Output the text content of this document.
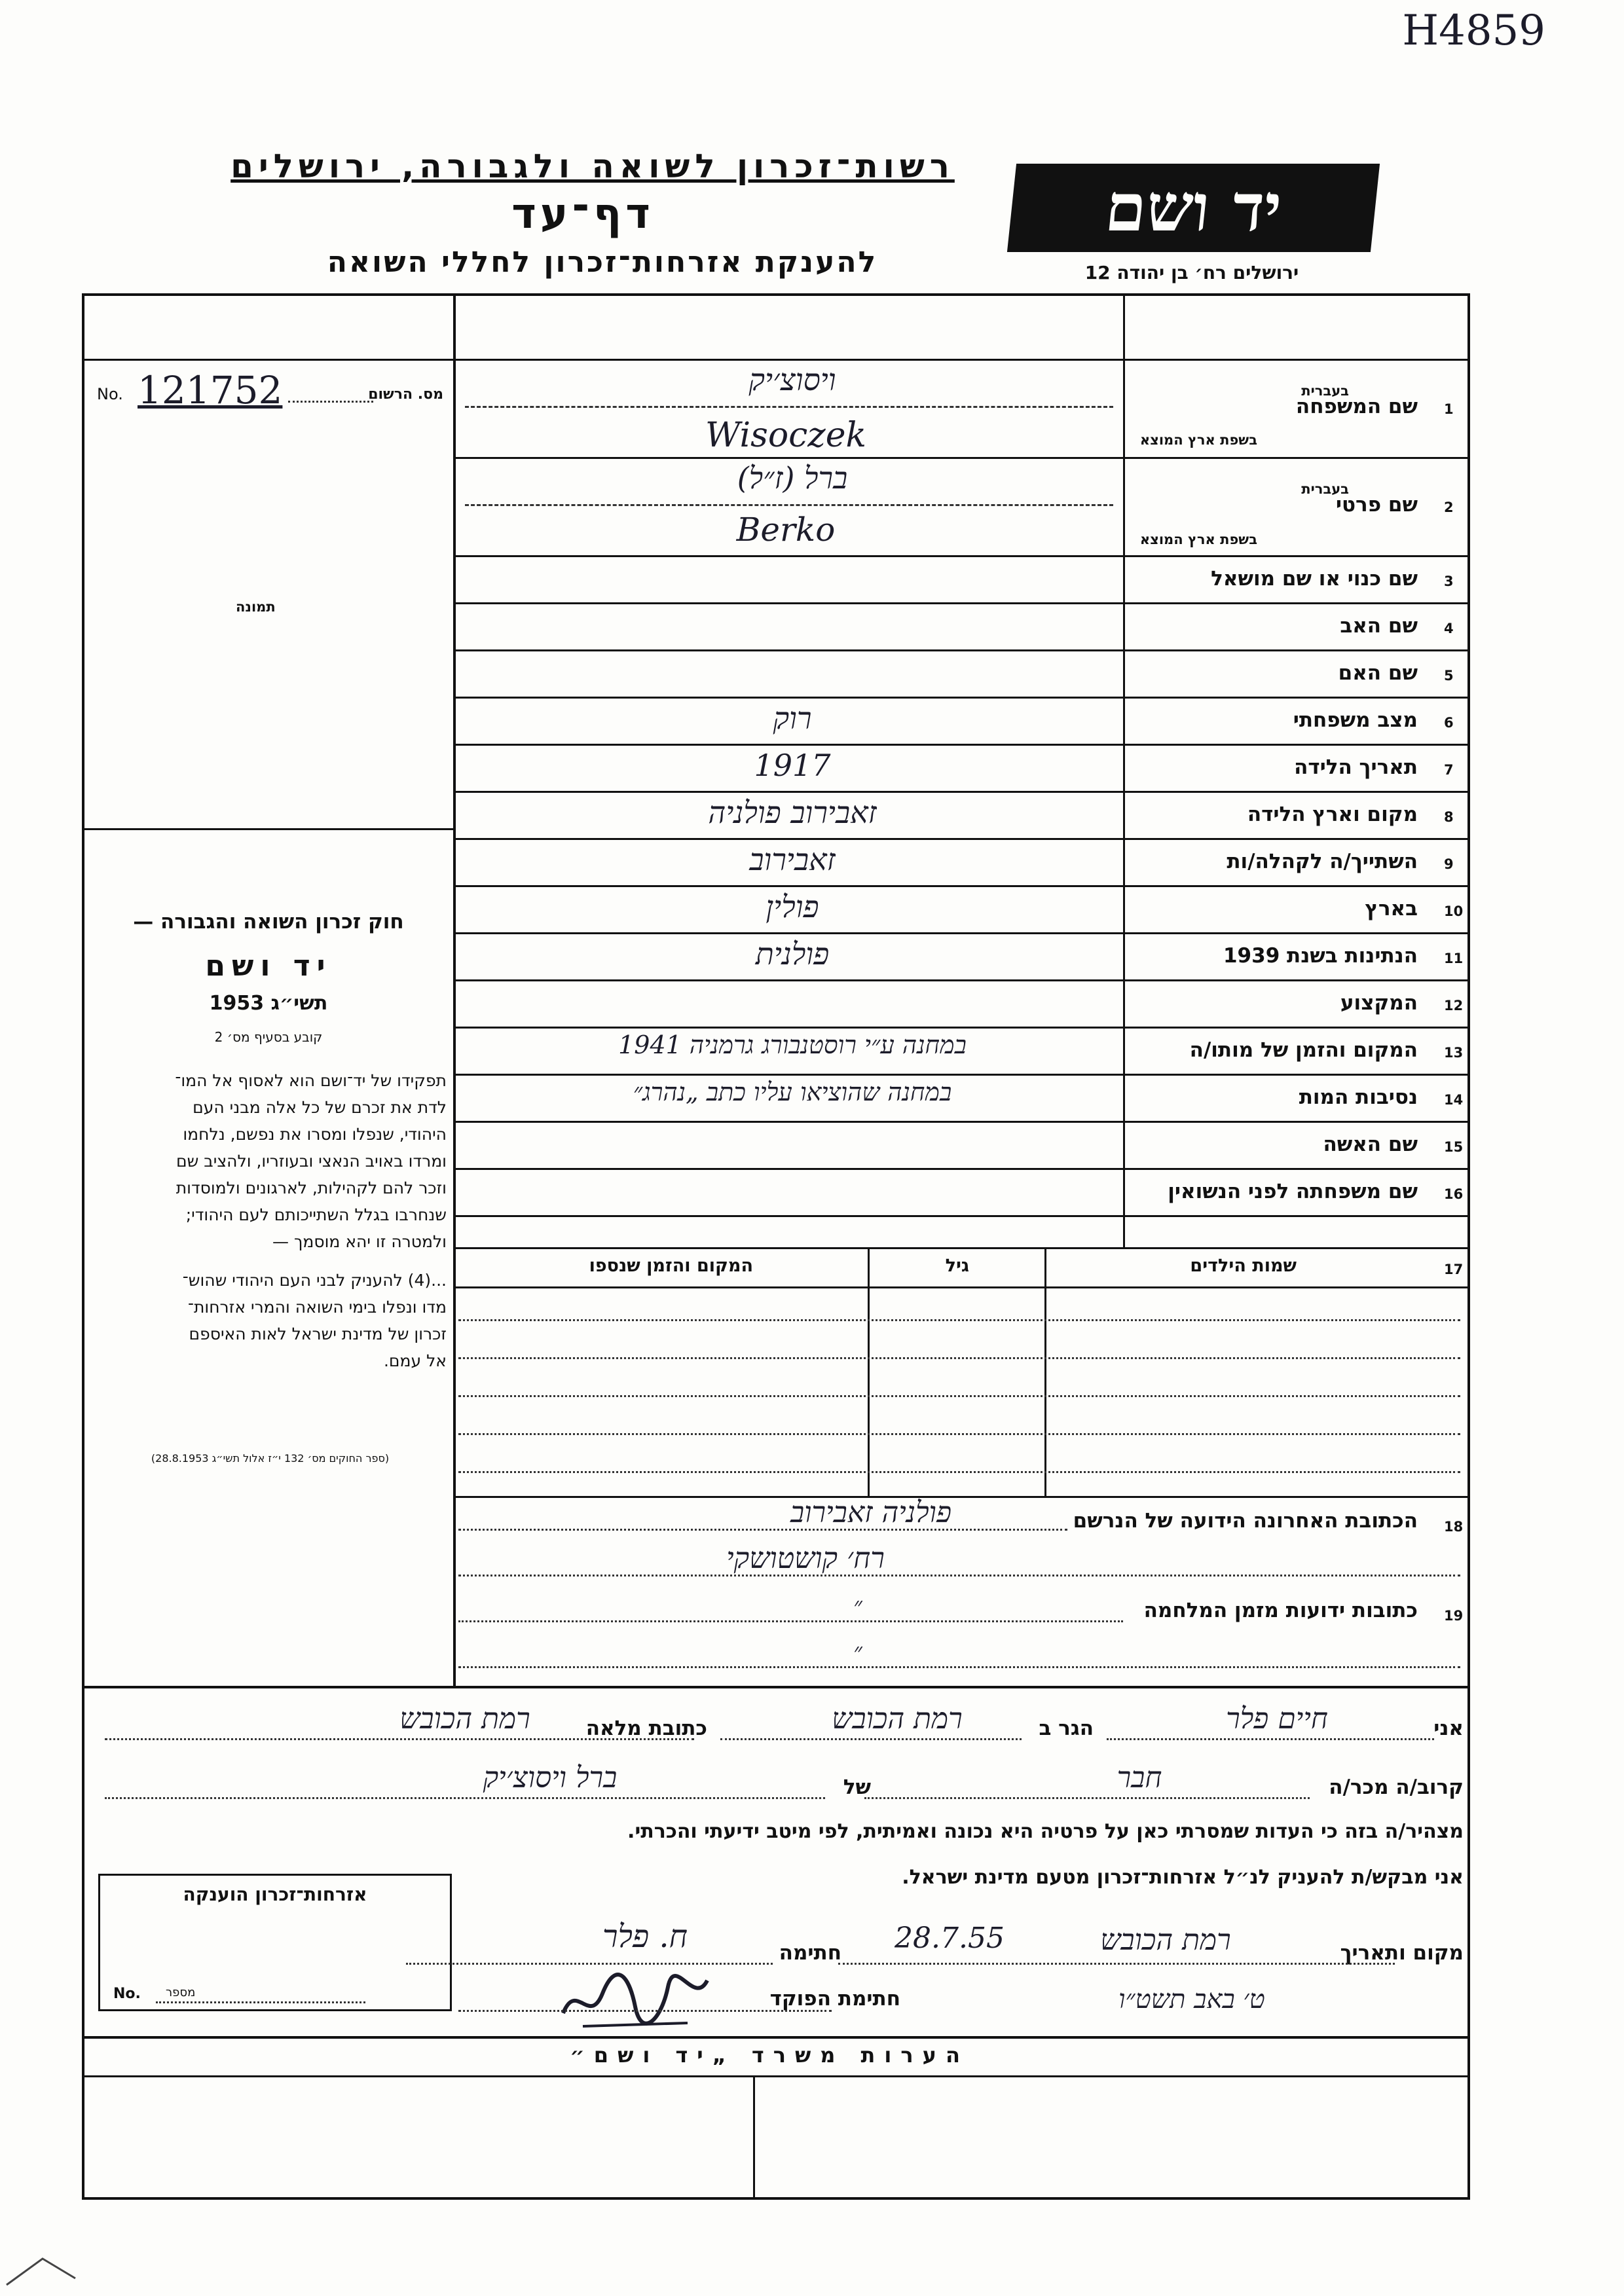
H4859
רשות־זכרון לשואה ולגבורה, ירושלים
דף־עד
להענקת אזרחות־זכרון לחללי השואה
יד ושם
ירושלים רח׳ בן יהודה 12
No. 121752	מס. הרשום
תמונה
חוק זכרון השואה והגבורה —
יד ושם
תשי״ג 1953
קובע בסעיף מס׳ 2
תפקידו של יד־ושם הוא לאסוף אל המו־
לדת את זכרם של כל אלה מבני העם
היהודי, שנפלו ומסרו את נפשם, נלחמו
ומרדו באויב הנאצי ובעוזריו, ולהציב שם
וזכר להם לקהילות, לארגונים ולמוסדות
שנחרבו בגלל השתייכותם לעם היהודי;
ולמטרה זו יהא מוסמך —
...(4) להעניק לבני העם היהודי שהוש־
מדו ונפלו בימי השואה והמרי אזרחות־
זכרון של מדינת ישראל לאות האיספם
אל עמם.
(ספר החוקים מס׳ 132 י״ז אלול תשי״ג 28.8.1953)
1
שם המשפחה
ויסוצ׳יק
2
שם פרטי
ברל (ז״ל)
3
שם כנוי או שם מושאל
4
שם האב
5
שם האם
6
מצב משפחתי
רוק
7
תאריך הלידה
1917
8
מקום וארץ הלידה
זאבירוב פולניה
9
השתייך/ה לקהלה/ות
זאבירוב
10
בארץ
פולין
11
הנתינות בשנת 1939
פולנית
12
המקצוע
13
המקום והזמן של מותו/ה
במחנה ע״י רוסטנבורג גרמניה 1941
14
נסיבות המות
במחנה שהוציאו עליו כתב „נהרג״
15
שם האשה
16
שם משפחתה לפני הנשואין
בעברית
בשפת ארץ המוצא
בעברית
בשפת ארץ המוצא
Wisoczek
Berko
17
שמות הילדים
גיל
המקום והזמן שנספו
18
הכתובת האחרונה הידועה של הנרשם
פולניה זאבירוב
רח׳ קושטושקי
19
כתובות ידועות מזמן המלחמה
״
״
אני
חיים פלר
הגר ב
רמת הכובש
כתובת מלאה
רמת הכובש
קרוב/ה מכר/ה
חבר
של
ברל ויסוצ׳יק
מצהיר/ה בזה כי העדות שמסרתי כאן על פרטיה היא נכונה ואמיתית, לפי מיטב ידיעתי והכרתי.
אני מבקש/ת להעניק לנ״ל אזרחות־זכרון מטעם מדינת ישראל.
אזרחות־זכרון הוענקה
No. מספר
מקום ותאריך
רמת הכובש
28.7.55
חתימה
ח. פלר
חתימת הפוקד	ט׳ באב תשט״ו
הערות משרד „יד ושם״
